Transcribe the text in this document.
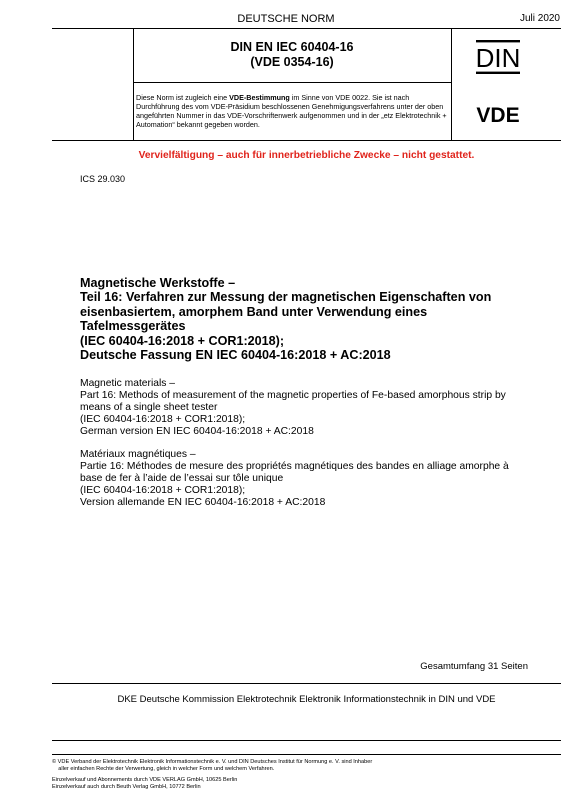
DEUTSCHE NORM	Juli 2020
DIN EN IEC 60404-16
(VDE 0354-16)	DIN
Diese Norm ist zugleich eine VDE-Bestimmung im Sinne von VDE 0022. Sie ist nach Durchführung des vom VDE-Präsidium beschlossenen Genehmigungsverfahrens unter der oben angeführten Nummer in das VDE-Vorschriftenwerk aufgenommen und in der „etz Elektrotechnik + Automation“ bekannt gegeben worden.	VDE
Vervielfältigung – auch für innerbetriebliche Zwecke – nicht gestattet.
ICS 29.030
Magnetische Werkstoffe –
Teil 16: Verfahren zur Messung der magnetischen Eigenschaften von
eisenbasiertem, amorphem Band unter Verwendung eines
Tafelmessgerätes
(IEC 60404-16:2018 + COR1:2018);
Deutsche Fassung EN IEC 60404-16:2018 + AC:2018
Magnetic materials –
Part 16: Methods of measurement of the magnetic properties of Fe-based amorphous strip by
means of a single sheet tester
(IEC 60404-16:2018 + COR1:2018);
German version EN IEC 60404-16:2018 + AC:2018
Matériaux magnétiques –
Partie 16: Méthodes de mesure des propriétés magnétiques des bandes en alliage amorphe à
base de fer à l’aide de l’essai sur tôle unique
(IEC 60404-16:2018 + COR1:2018);
Version allemande EN IEC 60404-16:2018 + AC:2018
Gesamtumfang 31 Seiten
DKE Deutsche Kommission Elektrotechnik Elektronik Informationstechnik in DIN und VDE
© VDE Verband der Elektrotechnik Elektronik Informationstechnik e. V. und DIN Deutsches Institut für Normung e. V. sind Inhaber
aller einfachen Rechte der Verwertung, gleich in welcher Form und welchem Verfahren.
Einzelverkauf und Abonnements durch VDE VERLAG GmbH, 10625 Berlin
Einzelverkauf auch durch Beuth Verlag GmbH, 10772 Berlin
